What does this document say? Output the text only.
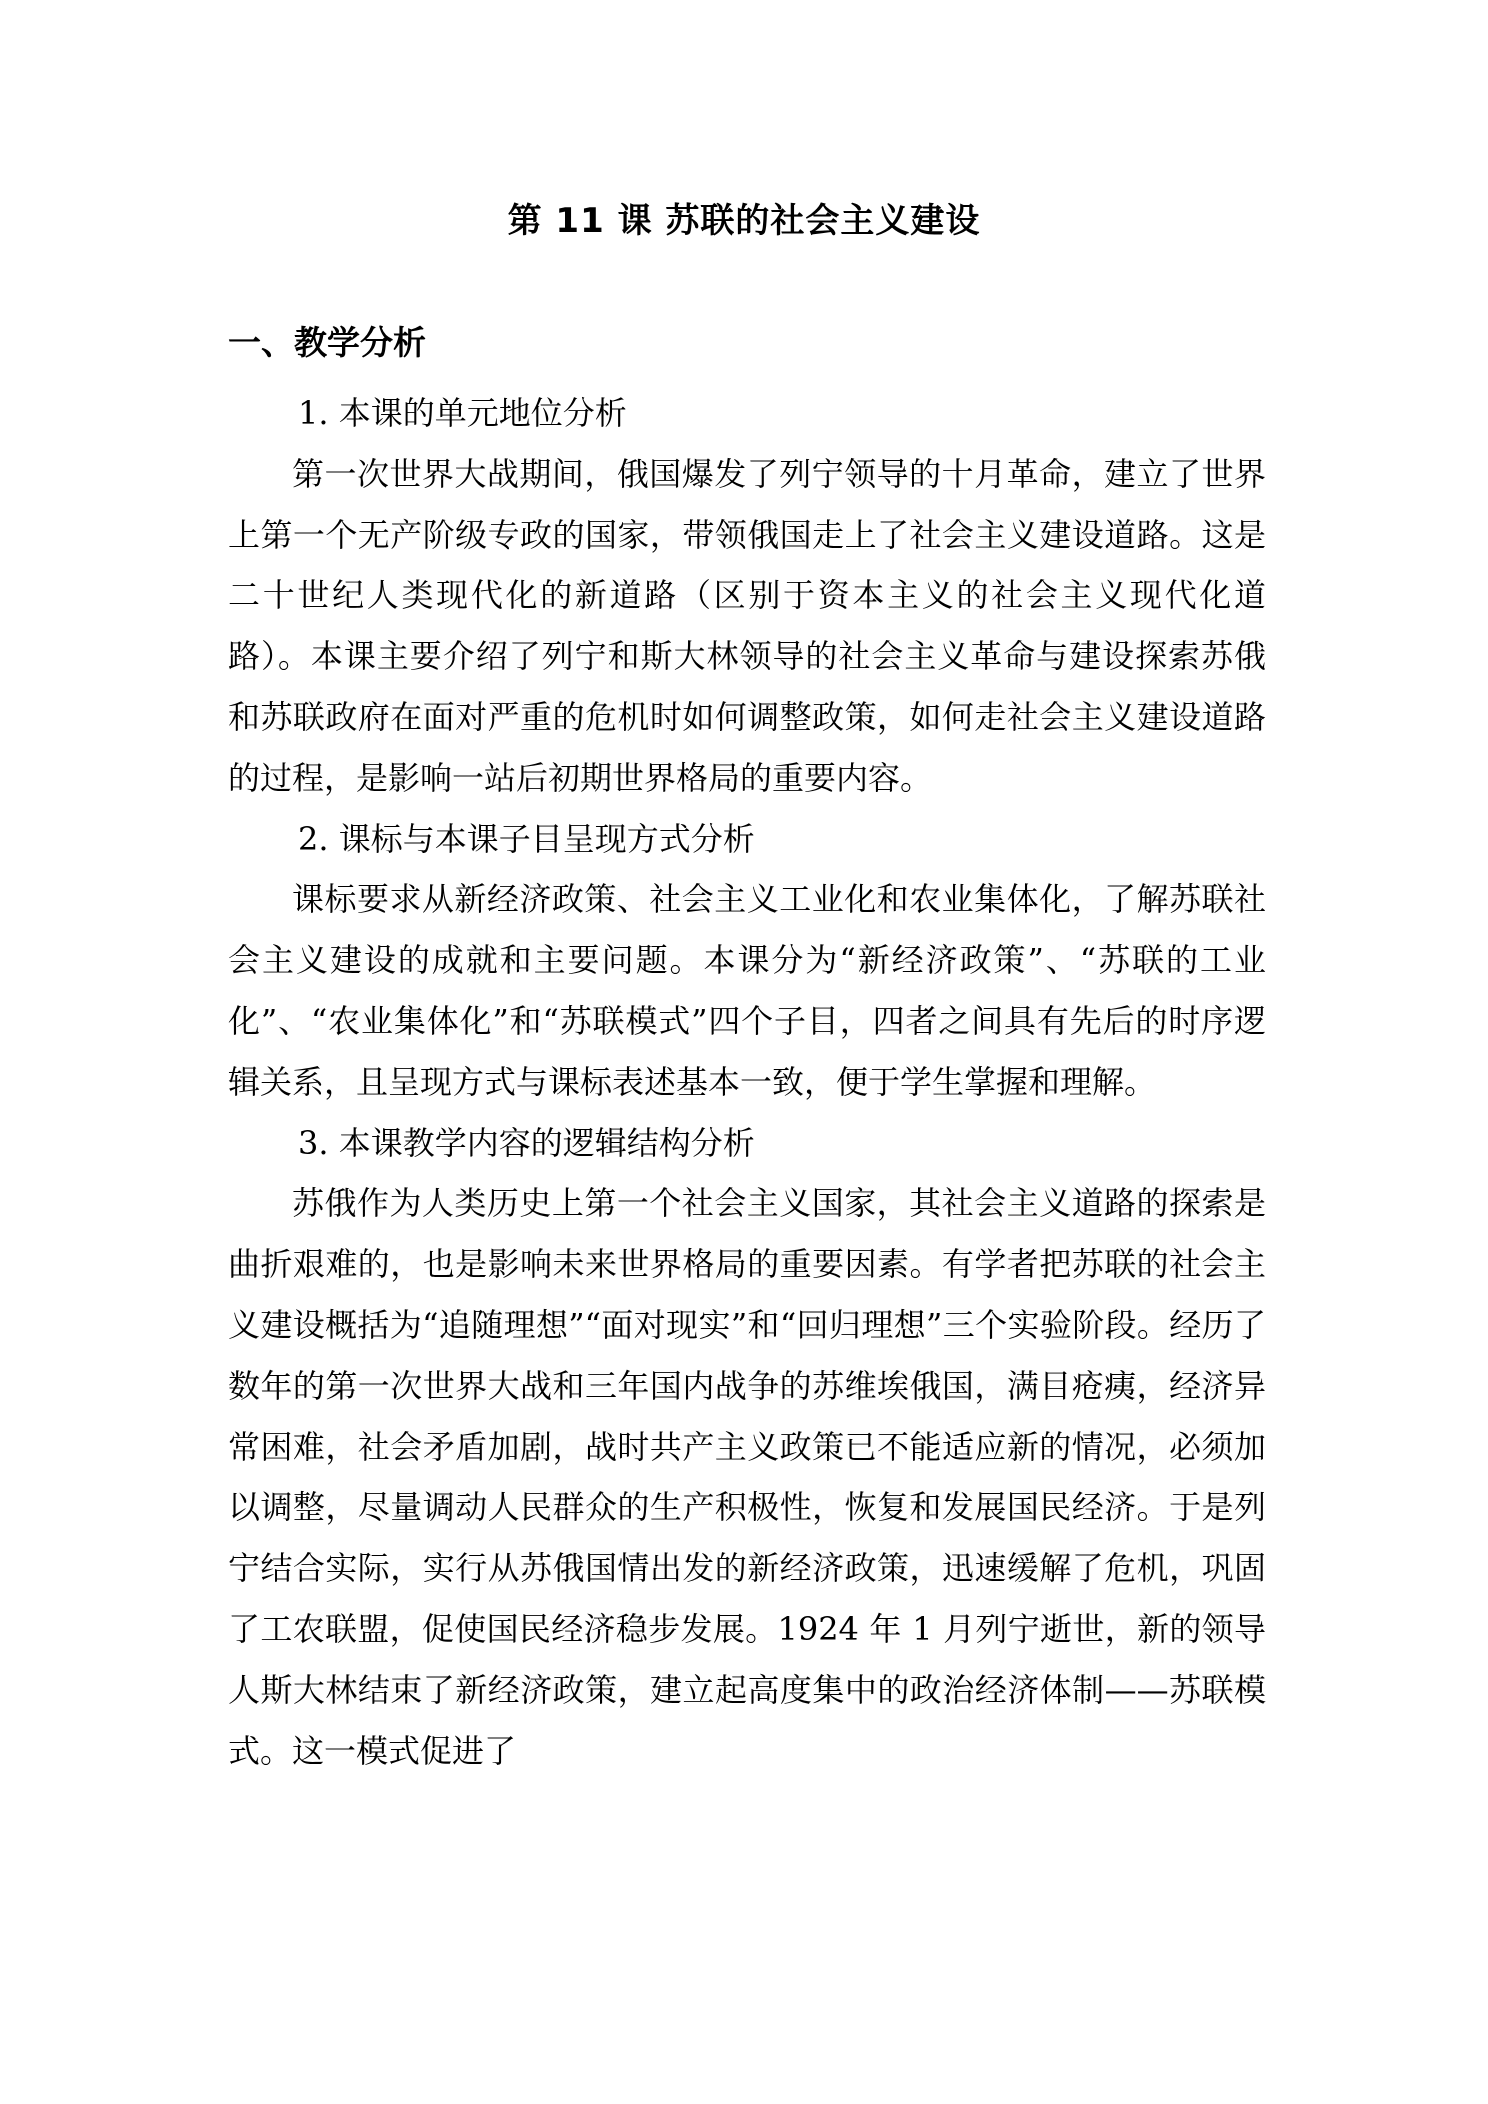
第 11 课 苏联的社会主义建设
一、教学分析

1. 本课的单元地位分析

第一次世界大战期间，俄国爆发了列宁领导的十月革命，建立了世界上第一个无产阶级专政的国家，带领俄国走上了社会主义建设道路。这是二十世纪人类现代化的新道路（区别于资本主义的社会主义现代化道路）。本课主要介绍了列宁和斯大林领导的社会主义革命与建设探索苏俄和苏联政府在面对严重的危机时如何调整政策，如何走社会主义建设道路的过程，是影响一站后初期世界格局的重要内容。

2. 课标与本课子目呈现方式分析

课标要求从新经济政策、社会主义工业化和农业集体化，了解苏联社会主义建设的成就和主要问题。本课分为“新经济政策”、“苏联的工业化”、“农业集体化”和“苏联模式”四个子目，四者之间具有先后的时序逻辑关系，且呈现方式与课标表述基本一致，便于学生掌握和理解。

3. 本课教学内容的逻辑结构分析

苏俄作为人类历史上第一个社会主义国家，其社会主义道路的探索是曲折艰难的，也是影响未来世界格局的重要因素。有学者把苏联的社会主义建设概括为“追随理想”“面对现实”和“回归理想”三个实验阶段。经历了数年的第一次世界大战和三年国内战争的苏维埃俄国，满目疮痍，经济异常困难，社会矛盾加剧，战时共产主义政策已不能适应新的情况，必须加以调整，尽量调动人民群众的生产积极性，恢复和发展国民经济。于是列宁结合实际，实行从苏俄国情出发的新经济政策，迅速缓解了危机，巩固了工农联盟，促使国民经济稳步发展。1924 年 1 月列宁逝世，新的领导人斯大林结束了新经济政策，建立起高度集中的政治经济体制——苏联模式。这一模式促进了
